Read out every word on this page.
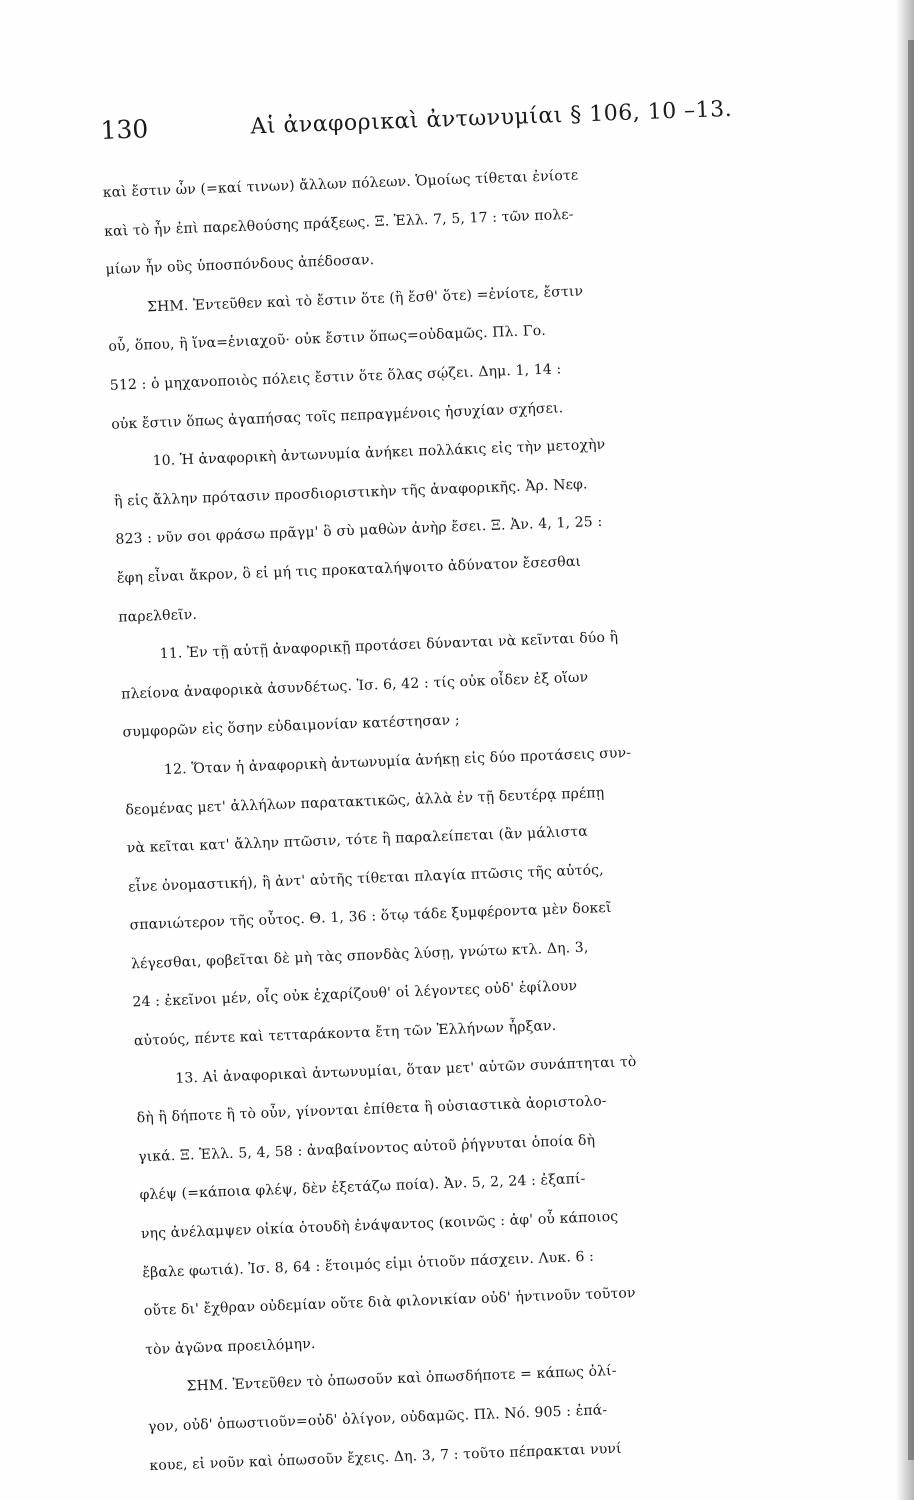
130	Αἱ ἀναφορικαὶ ἀντωνυμίαι § 106, 10 –13.
καὶ ἔστιν ὧν (=καί τινων) ἄλλων πόλεων. Ὁμοίως τίθεται ἐνίοτε
καὶ τὸ ἦν ἐπὶ παρελθούσης πράξεως. Ξ. Ἑλλ. 7, 5, 17 : τῶν πολε-
μίων ἦν οὓς ὑποσπόνδους ἀπέδοσαν.
ΣΗΜ. Ἐντεῦθεν καὶ τὸ ἔστιν ὅτε (ἢ ἔσθ' ὅτε) =ἐνίοτε, ἔστιν
οὗ, ὅπου, ἣ ἵνα=ἐνιαχοῦ· οὐκ ἔστιν ὅπως=οὐδαμῶς. Πλ. Γο.
512 : ὁ μηχανοποιὸς πόλεις ἔστιν ὅτε ὅλας σῴζει. Δημ. 1, 14 :
οὐκ ἔστιν ὅπως ἀγαπήσας τοῖς πεπραγμένοις ἡσυχίαν σχήσει.
10. Ἡ ἀναφορικὴ ἀντωνυμία ἀνήκει πολλάκις εἰς τὴν μετοχὴν
ἢ εἰς ἄλλην πρότασιν προσδιοριστικὴν τῆς ἀναφορικῆς. Ἀρ. Νεφ.
823 : νῦν σοι φράσω πρᾶγμ' ὃ σὺ μαθὼν ἀνὴρ ἔσει. Ξ. Ἀν. 4, 1, 25 :
ἔφη εἶναι ἄκρον, ὃ εἰ μή τις προκαταλήψοιτο ἀδύνατον ἔσεσθαι
παρελθεῖν.
11. Ἐν τῇ αὐτῇ ἀναφορικῇ προτάσει δύνανται νὰ κεῖνται δύο ἢ
πλείονα ἀναφορικὰ ἀσυνδέτως. Ἰσ. 6, 42 : τίς οὐκ οἶδεν ἐξ οἵων
συμφορῶν εἰς ὅσην εὐδαιμονίαν κατέστησαν ;
12. Ὅταν ἡ ἀναφορικὴ ἀντωνυμία ἀνήκῃ εἰς δύο προτάσεις συν-
δεομένας μετ' ἀλλήλων παρατακτικῶς, ἀλλὰ ἐν τῇ δευτέρᾳ πρέπῃ
νὰ κεῖται κατ' ἄλλην πτῶσιν, τότε ἢ παραλείπεται (ἂν μάλιστα
εἶνε ὀνομαστική), ἢ ἀντ' αὐτῆς τίθεται πλαγία πτῶσις τῆς αὐτός,
σπανιώτερον τῆς οὗτος. Θ. 1, 36 : ὅτῳ τάδε ξυμφέροντα μὲν δοκεῖ
λέγεσθαι, φοβεῖται δὲ μὴ τὰς σπονδὰς λύσῃ, γνώτω κτλ. Δη. 3,
24 : ἐκεῖνοι μέν, οἷς οὐκ ἐχαρίζουθ' οἱ λέγοντες οὐδ' ἐφίλουν
αὐτούς, πέντε καὶ τετταράκοντα ἔτη τῶν Ἑλλήνων ἦρξαν.
13. Αἱ ἀναφορικαὶ ἀντωνυμίαι, ὅταν μετ' αὐτῶν συνάπτηται τὸ
δὴ ἢ δήποτε ἢ τὸ οὖν, γίνονται ἐπίθετα ἢ οὐσιαστικὰ ἀοριστολο-
γικά. Ξ. Ἑλλ. 5, 4, 58 : ἀναβαίνοντος αὐτοῦ ῥήγνυται ὁποία δὴ
φλέψ (=κάποια φλέψ, δὲν ἐξετάζω ποία). Ἀν. 5, 2, 24 : ἐξαπί-
νης ἀνέλαμψεν οἰκία ὁτουδὴ ἐνάψαντος (κοινῶς : ἀφ' οὗ κάποιος
ἔβαλε φωτιά). Ἰσ. 8, 64 : ἕτοιμός εἰμι ὁτιοῦν πάσχειν. Λυκ. 6 :
οὔτε δι' ἔχθραν οὐδεμίαν οὔτε διὰ φιλονικίαν οὐδ' ἡντινοῦν τοῦτον
τὸν ἀγῶνα προειλόμην.
ΣΗΜ. Ἐντεῦθεν τὸ ὁπωσοῦν καὶ ὁπωσδήποτε = κάπως ὀλί-
γον, οὐδ' ὁπωστιοῦν=οὐδ' ὀλίγον, οὐδαμῶς. Πλ. Νό. 905 : ἐπά-
κουε, εἰ νοῦν καὶ ὁπωσοῦν ἔχεις. Δη. 3, 7 : τοῦτο πέπρακται νυνί
